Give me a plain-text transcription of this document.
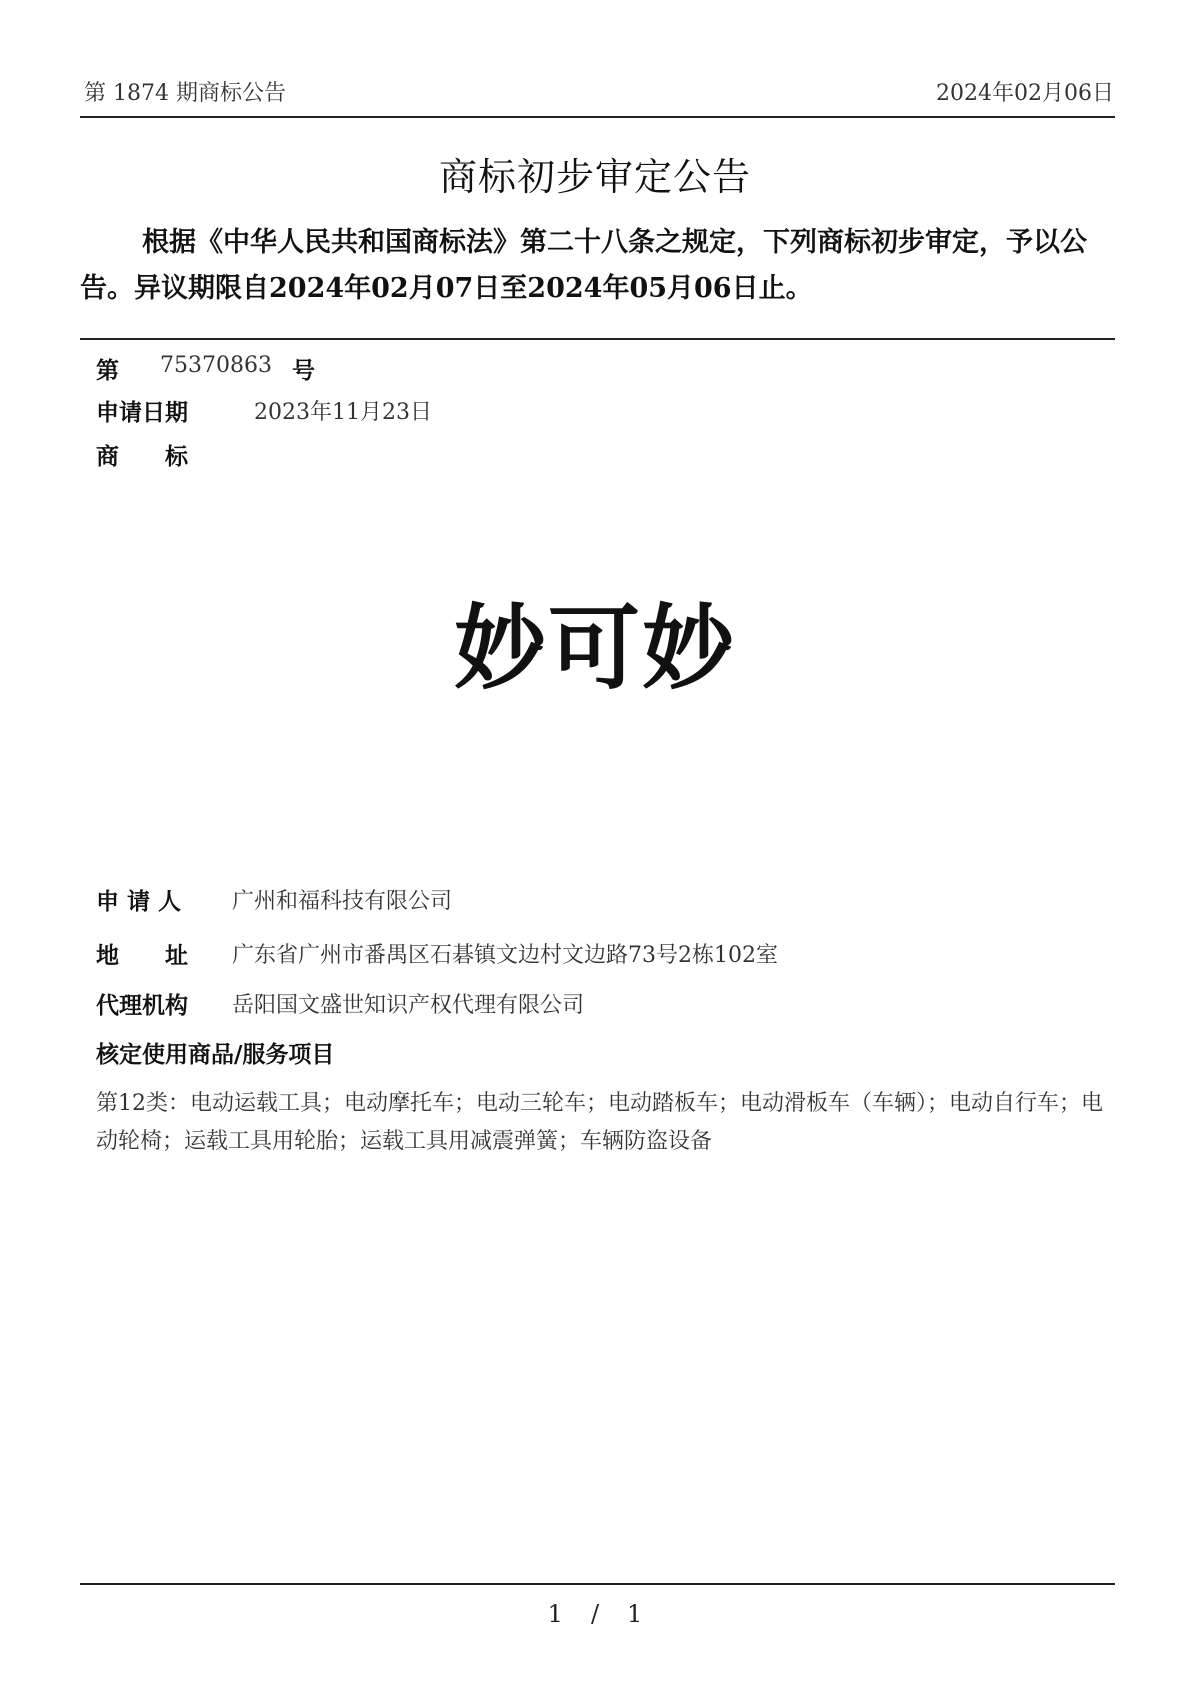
第 1874 期商标公告	2024年02月06日
商标初步审定公告
根据《中华人民共和国商标法》第二十八条之规定，下列商标初步审定，予以公告。异议期限自2024年02月07日至2024年05月06日止。
第 75370863 号
申请日期	2023年11月23日
商　　标
妙可妙
申 请 人 广州和福科技有限公司
地　　址 广东省广州市番禺区石碁镇文边村文边路73号2栋102室
代理机构 岳阳国文盛世知识产权代理有限公司
核定使用商品/服务项目
第12类：电动运载工具；电动摩托车；电动三轮车；电动踏板车；电动滑板车（车辆）；电动自行车；电动轮椅；运载工具用轮胎；运载工具用减震弹簧；车辆防盗设备
1 / 1
